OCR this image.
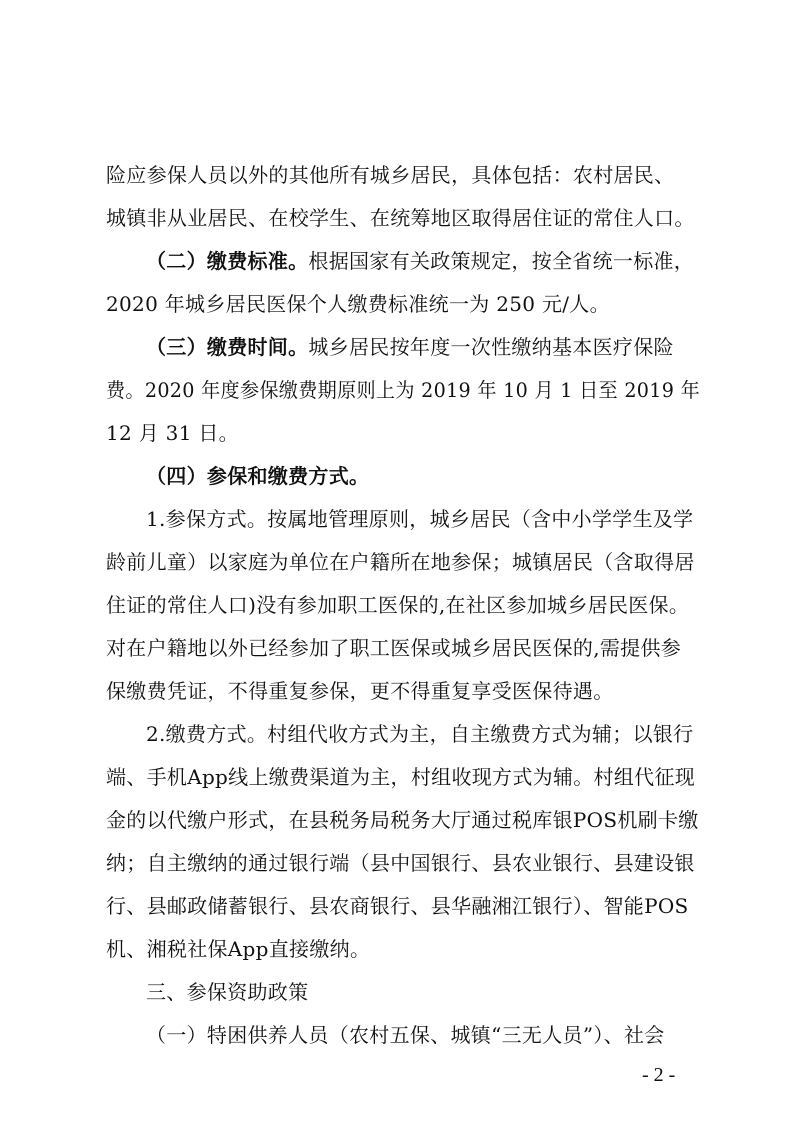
险应参保人员以外的其他所有城乡居民，具体包括：农村居民、
城镇非从业居民、在校学生、在统筹地区取得居住证的常住人口。
（二）缴费标准。根据国家有关政策规定，按全省统一标准，
2020 年城乡居民医保个人缴费标准统一为 250 元/人。
（三）缴费时间。城乡居民按年度一次性缴纳基本医疗保险
费。2020 年度参保缴费期原则上为 2019 年 10 月 1 日至 2019 年
12 月 31 日。
（四）参保和缴费方式。
1.参保方式。按属地管理原则，城乡居民（含中小学学生及学
龄前儿童）以家庭为单位在户籍所在地参保；城镇居民（含取得居
住证的常住人口)没有参加职工医保的,在社区参加城乡居民医保。
对在户籍地以外已经参加了职工医保或城乡居民医保的,需提供参
保缴费凭证，不得重复参保，更不得重复享受医保待遇。
2.缴费方式。村组代收方式为主，自主缴费方式为辅；以银行
端、手机App线上缴费渠道为主，村组收现方式为辅。村组代征现
金的以代缴户形式，在县税务局税务大厅通过税库银POS机刷卡缴
纳；自主缴纳的通过银行端（县中国银行、县农业银行、县建设银
行、县邮政储蓄银行、县农商银行、县华融湘江银行）、智能POS
机、湘税社保App直接缴纳。
三、参保资助政策
（一）特困供养人员（农村五保、城镇“三无人员”）、社会
- 2 -
